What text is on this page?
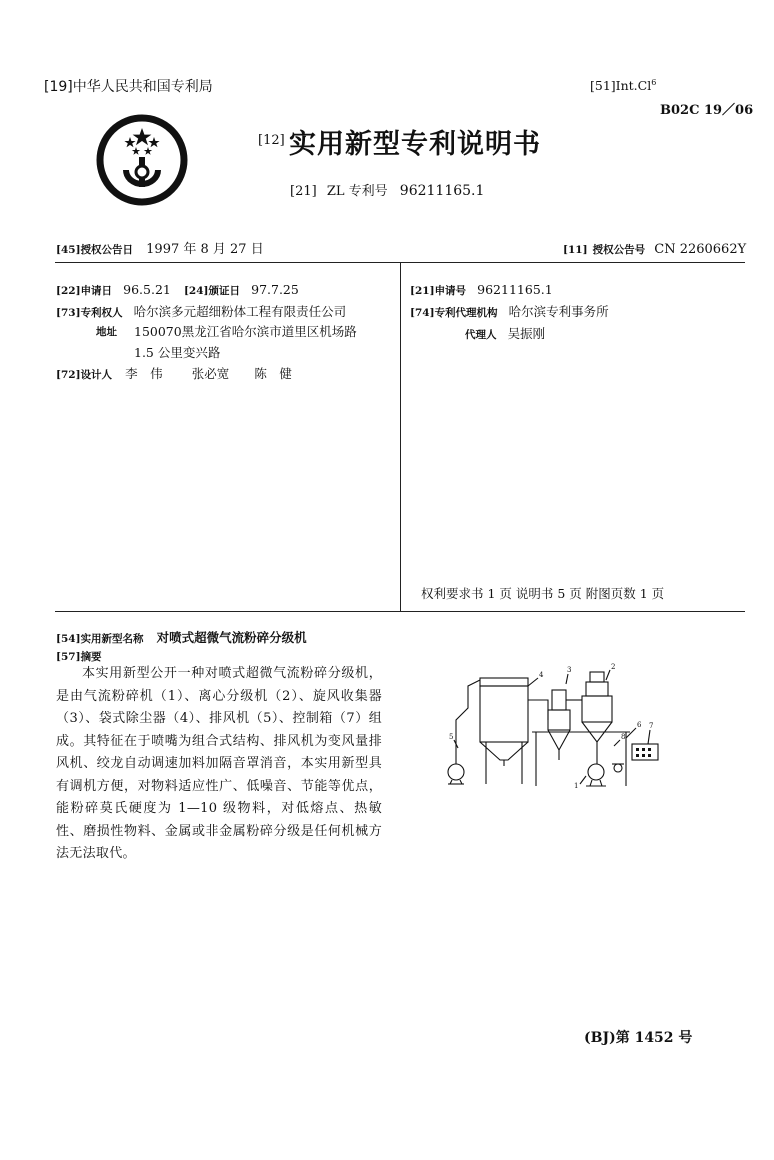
[19]中华人民共和国专利局	[51]Int.Cl$^6$
B02C 19／06
[12] 实用新型专利说明书
[21] ZL 专利号 96211165.1
[45]授权公告日 1997 年 8 月 27 日	[11] 授权公告号 CN 2260662Y
[22]申请日 96.5.21 [24]颁证日 97.7.25
[73]专利权人 哈尔滨多元超细粉体工程有限责任公司
地址 150070黑龙江省哈尔滨市道里区机场路
1.5 公里变兴路
[72]设计人 李　伟 张必宽 陈　健
[21]申请号 96211165.1
[74]专利代理机构 哈尔滨专利事务所
代理人 吴振刚
权利要求书 1 页 说明书 5 页 附图页数 1 页
[54]实用新型名称 对喷式超微气流粉碎分级机
[57]摘要
本实用新型公开一种对喷式超微气流粉碎分级机，是由气流粉碎机（1）、离心分级机（2）、旋风收集器（3）、袋式除尘器（4）、排风机（5）、控制箱（7）组成。其特征在于喷嘴为组合式结构、排风机为变风量排风机、绞龙自动调速加料加隔音罩消音，本实用新型具有调机方便，对物料适应性广、低噪音、节能等优点，能粉碎莫氏硬度为 1—10 级物料，对低熔点、热敏性、磨损性物料、金属或非金属粉碎分级是任何机械方法无法取代。
1
2
3
4
5
6 7
8
(BJ)第 1452 号
